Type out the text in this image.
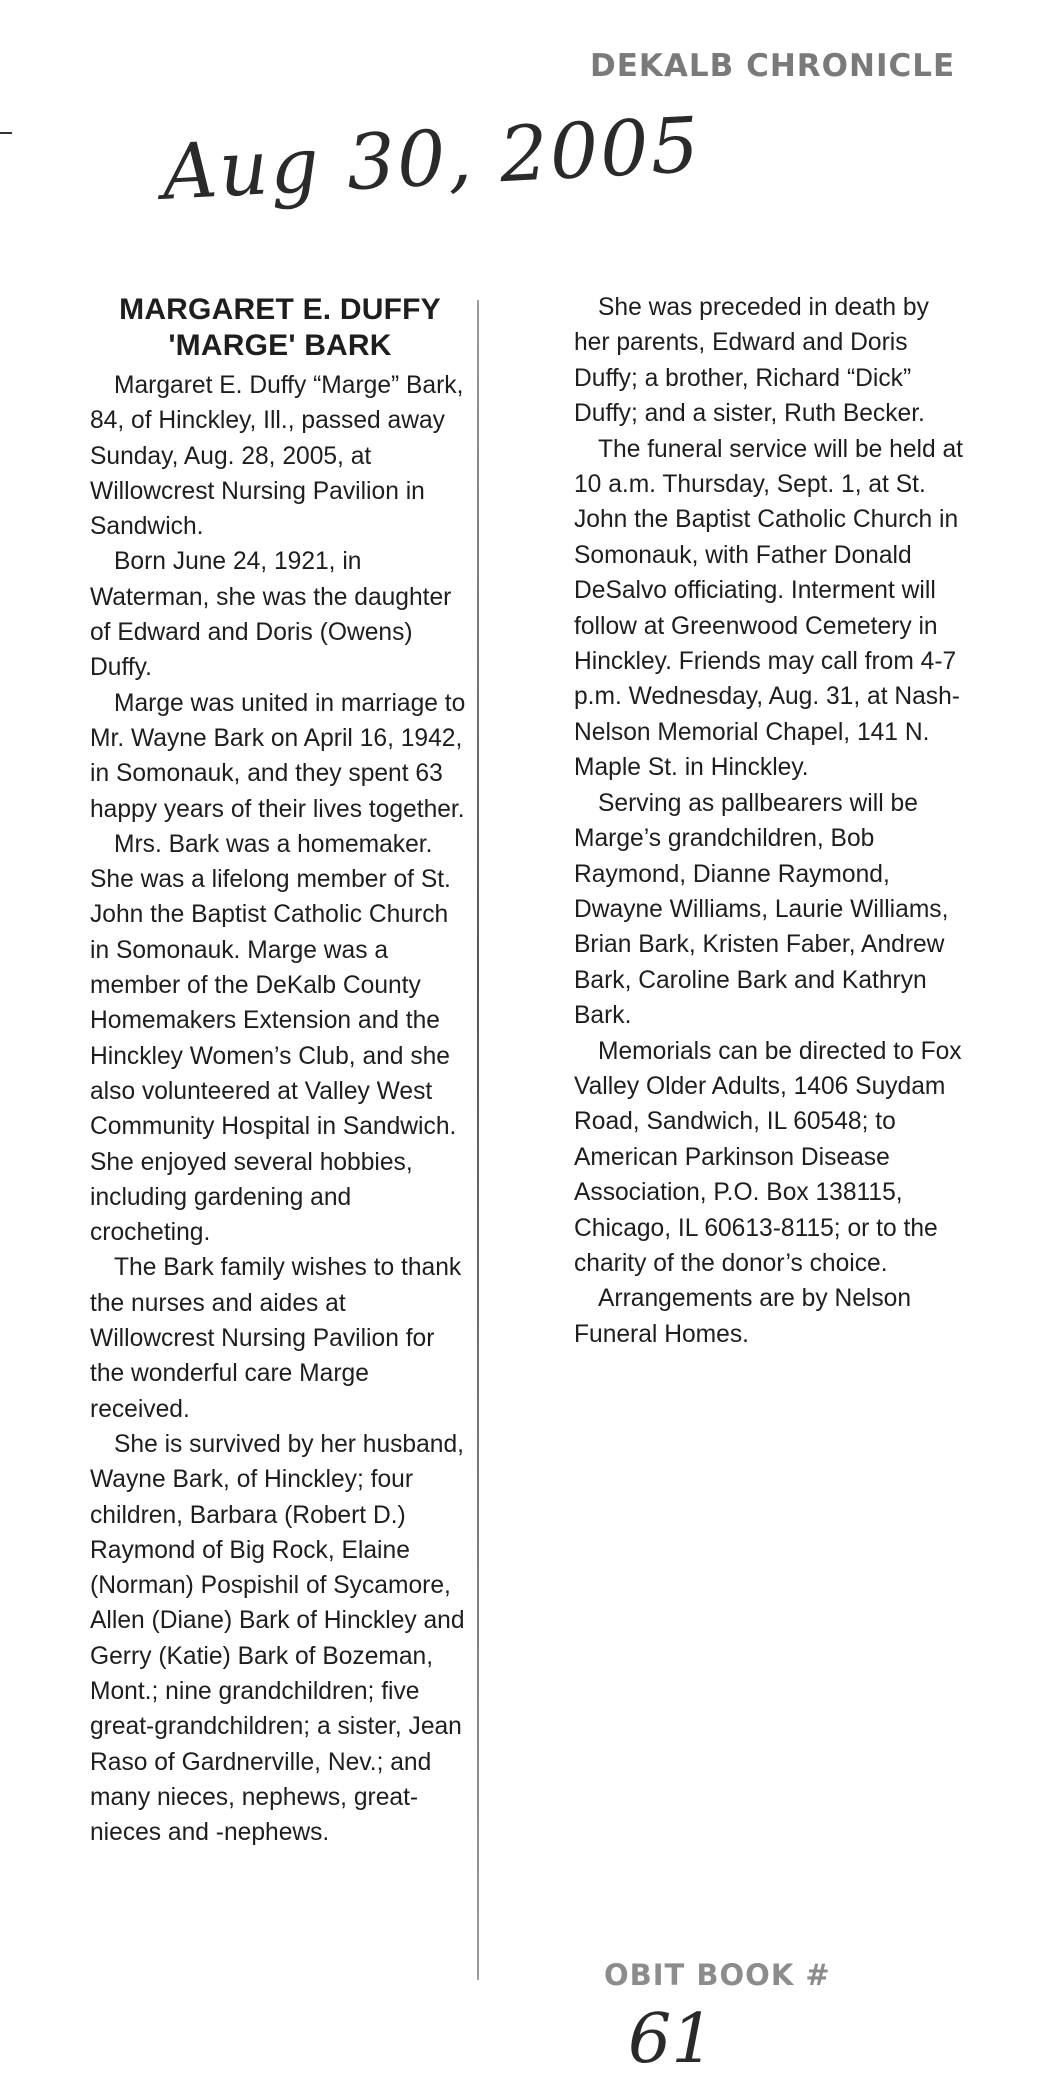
DEKALB CHRONICLE
Aug 30, 2005
MARGARET E. DUFFY
'MARGE' BARK

Margaret E. Duffy “Marge” Bark, 84, of Hinckley, Ill., passed away Sunday, Aug. 28, 2005, at Willowcrest Nursing Pavilion in Sandwich.

Born June 24, 1921, in Waterman, she was the daughter of Edward and Doris (Owens) Duffy.

Marge was united in marriage to Mr. Wayne Bark on April 16, 1942, in Somonauk, and they spent 63 happy years of their lives together.

Mrs. Bark was a homemaker. She was a lifelong member of St. John the Baptist Catholic Church in Somonauk. Marge was a member of the DeKalb County Homemakers Extension and the Hinckley Women’s Club, and she also volunteered at Valley West Community Hospital in Sandwich. She enjoyed several hobbies, including gardening and crocheting.

The Bark family wishes to thank the nurses and aides at Willowcrest Nursing Pavilion for the wonderful care Marge received.

She is survived by her husband, Wayne Bark, of Hinckley; four children, Barbara (Robert D.) Raymond of Big Rock, Elaine (Norman) Pospishil of Sycamore, Allen (Diane) Bark of Hinckley and Gerry (Katie) Bark of Bozeman, Mont.; nine grandchildren; five great-grandchildren; a sister, Jean Raso of Gardnerville, Nev.; and many nieces, nephews, great-nieces and -nephews.

She was preceded in death by her parents, Edward and Doris Duffy; a brother, Richard “Dick” Duffy; and a sister, Ruth Becker.

The funeral service will be held at 10 a.m. Thursday, Sept. 1, at St. John the Baptist Catholic Church in Somonauk, with Father Donald DeSalvo officiating. Interment will follow at Greenwood Cemetery in Hinckley. Friends may call from 4-7 p.m. Wednesday, Aug. 31, at Nash-Nelson Memorial Chapel, 141 N. Maple St. in Hinckley.

Serving as pallbearers will be Marge’s grandchildren, Bob Raymond, Dianne Raymond, Dwayne Williams, Laurie Williams, Brian Bark, Kristen Faber, Andrew Bark, Caroline Bark and Kathryn Bark.

Memorials can be directed to Fox Valley Older Adults, 1406 Suydam Road, Sandwich, IL 60548; to American Parkinson Disease Association, P.O. Box 138115, Chicago, IL 60613-8115; or to the charity of the donor’s choice.

Arrangements are by Nelson Funeral Homes.

OBIT BOOK #
61
